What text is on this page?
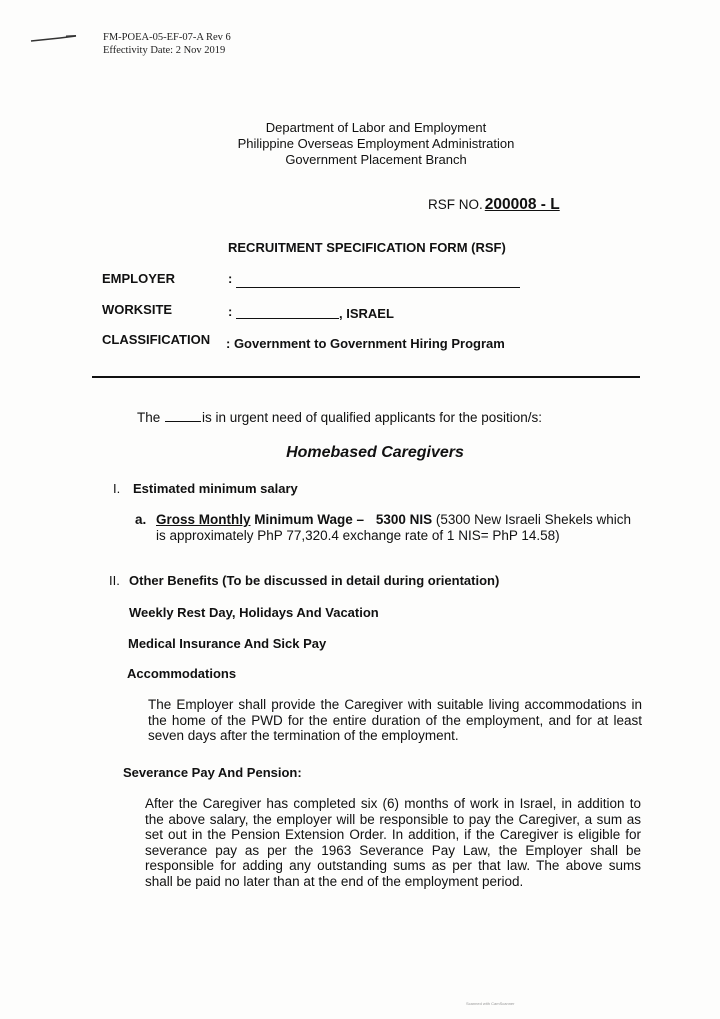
FM-POEA-05-EF-07-A Rev 6
Effectivity Date: 2 Nov 2019
Department of Labor and Employment
Philippine Overseas Employment Administration
Government Placement Branch
RSF NO. 200008 - L
RECRUITMENT SPECIFICATION FORM (RSF)
EMPLOYER	:
WORKSITE	:	, ISRAEL
CLASSIFICATION : Government to Government Hiring Program
The	is in urgent need of qualified applicants for the position/s:
Homebased Caregivers
I. Estimated minimum salary
a. Gross Monthly Minimum Wage – 5300 NIS (5300 New Israeli Shekels which
is approximately PhP 77,320.4 exchange rate of 1 NIS= PhP 14.58)
II. Other Benefits (To be discussed in detail during orientation)
Weekly Rest Day, Holidays And Vacation
Medical Insurance And Sick Pay
Accommodations
The Employer shall provide the Caregiver with suitable living accommodations in the home of the PWD for the entire duration of the employment, and for at least seven days after the termination of the employment.
Severance Pay And Pension:
After the Caregiver has completed six (6) months of work in Israel, in addition to the above salary, the employer will be responsible to pay the Caregiver, a sum as set out in the Pension Extension Order. In addition, if the Caregiver is eligible for severance pay as per the 1963 Severance Pay Law, the Employer shall be responsible for adding any outstanding sums as per that law. The above sums shall be paid no later than at the end of the employment period.
Scanned with CamScanner
